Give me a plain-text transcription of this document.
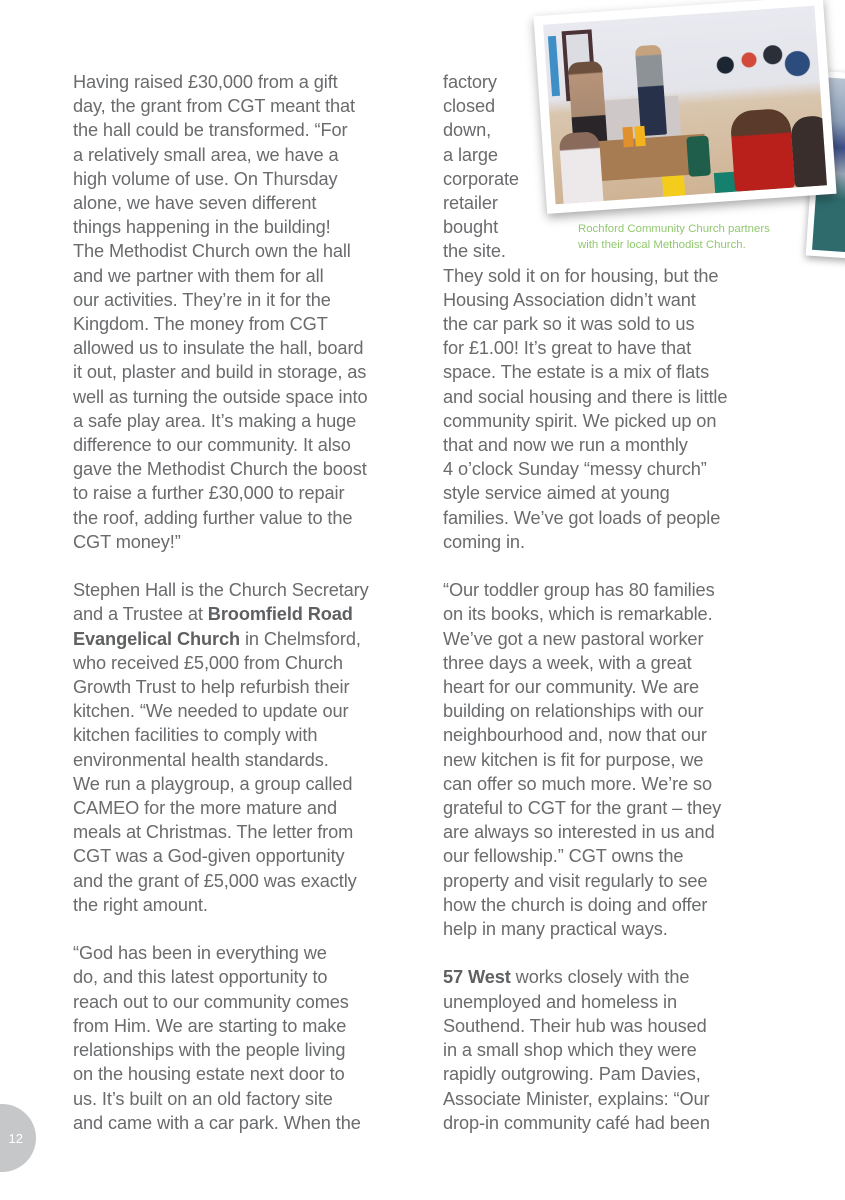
Rochford Community Church partners
with their local Methodist Church.

Having raised £30,000 from a gift
day, the grant from CGT meant that
the hall could be transformed. “For
a relatively small area, we have a
high volume of use. On Thursday
alone, we have seven different
things happening in the building!
The Methodist Church own the hall
and we partner with them for all
our activities. They’re in it for the
Kingdom. The money from CGT
allowed us to insulate the hall, board
it out, plaster and build in storage, as
well as turning the outside space into
a safe play area. It’s making a huge
difference to our community. It also
gave the Methodist Church the boost
to raise a further £30,000 to repair
the roof, adding further value to the
CGT money!”

Stephen Hall is the Church Secretary
and a Trustee at Broomfield Road
Evangelical Church in Chelmsford,
who received £5,000 from Church
Growth Trust to help refurbish their
kitchen. “We needed to update our
kitchen facilities to comply with
environmental health standards.
We run a playgroup, a group called
CAMEO for the more mature and
meals at Christmas. The letter from
CGT was a God-given opportunity
and the grant of £5,000 was exactly
the right amount.

“God has been in everything we
do, and this latest opportunity to
reach out to our community comes
from Him. We are starting to make
relationships with the people living
on the housing estate next door to
us. It’s built on an old factory site
and came with a car park. When the

factory
closed
down,
a large
corporate
retailer
bought
the site.
They sold it on for housing, but the
Housing Association didn’t want
the car park so it was sold to us
for £1.00! It’s great to have that
space. The estate is a mix of flats
and social housing and there is little
community spirit. We picked up on
that and now we run a monthly
4 o’clock Sunday “messy church”
style service aimed at young
families. We’ve got loads of people
coming in.

“Our toddler group has 80 families
on its books, which is remarkable.
We’ve got a new pastoral worker
three days a week, with a great
heart for our community. We are
building on relationships with our
neighbourhood and, now that our
new kitchen is fit for purpose, we
can offer so much more. We’re so
grateful to CGT for the grant – they
are always so interested in us and
our fellowship.” CGT owns the
property and visit regularly to see
how the church is doing and offer
help in many practical ways.

57 West works closely with the
unemployed and homeless in
Southend. Their hub was housed
in a small shop which they were
rapidly outgrowing. Pam Davies,
Associate Minister, explains: “Our
drop-in community café had been

12
